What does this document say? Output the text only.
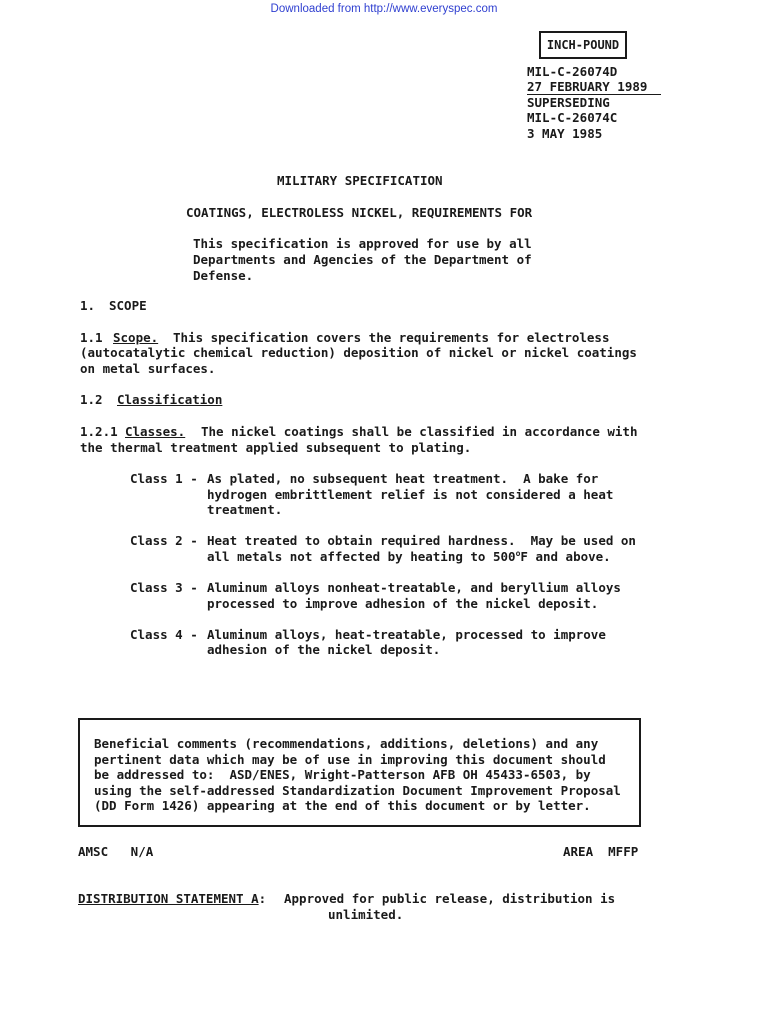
Downloaded from http://www.everyspec.com
INCH-POUND
MIL-C-26074D
27 FEBRUARY 1989
SUPERSEDING
MIL-C-26074C
3 MAY 1985
MILITARY SPECIFICATION
COATINGS, ELECTROLESS NICKEL, REQUIREMENTS FOR
This specification is approved for use by all
Departments and Agencies of the Department of
Defense.
1. SCOPE
1.1 Scope. This specification covers the requirements for electroless
(autocatalytic chemical reduction) deposition of nickel or nickel coatings
on metal surfaces.
1.2 Classification
1.2.1 Classes. The nickel coatings shall be classified in accordance with
the thermal treatment applied subsequent to plating.
Class 1 - As plated, no subsequent heat treatment.  A bake for
hydrogen embrittlement relief is not considered a heat
treatment.
Class 2 - Heat treated to obtain required hardness.  May be used on
all metals not affected by heating to 500$^o$F and above.
Class 3 - Aluminum alloys nonheat-treatable, and beryllium alloys
processed to improve adhesion of the nickel deposit.
Class 4 - Aluminum alloys, heat-treatable, processed to improve
adhesion of the nickel deposit.
Beneficial comments (recommendations, additions, deletions) and any
pertinent data which may be of use in improving this document should
be addressed to:  ASD/ENES, Wright-Patterson AFB OH 45433-6503, by
using the self-addressed Standardization Document Improvement Proposal
(DD Form 1426) appearing at the end of this document or by letter.
AMSC   N/A	AREA  MFFP
DISTRIBUTION STATEMENT A: Approved for public release, distribution is
unlimited.
